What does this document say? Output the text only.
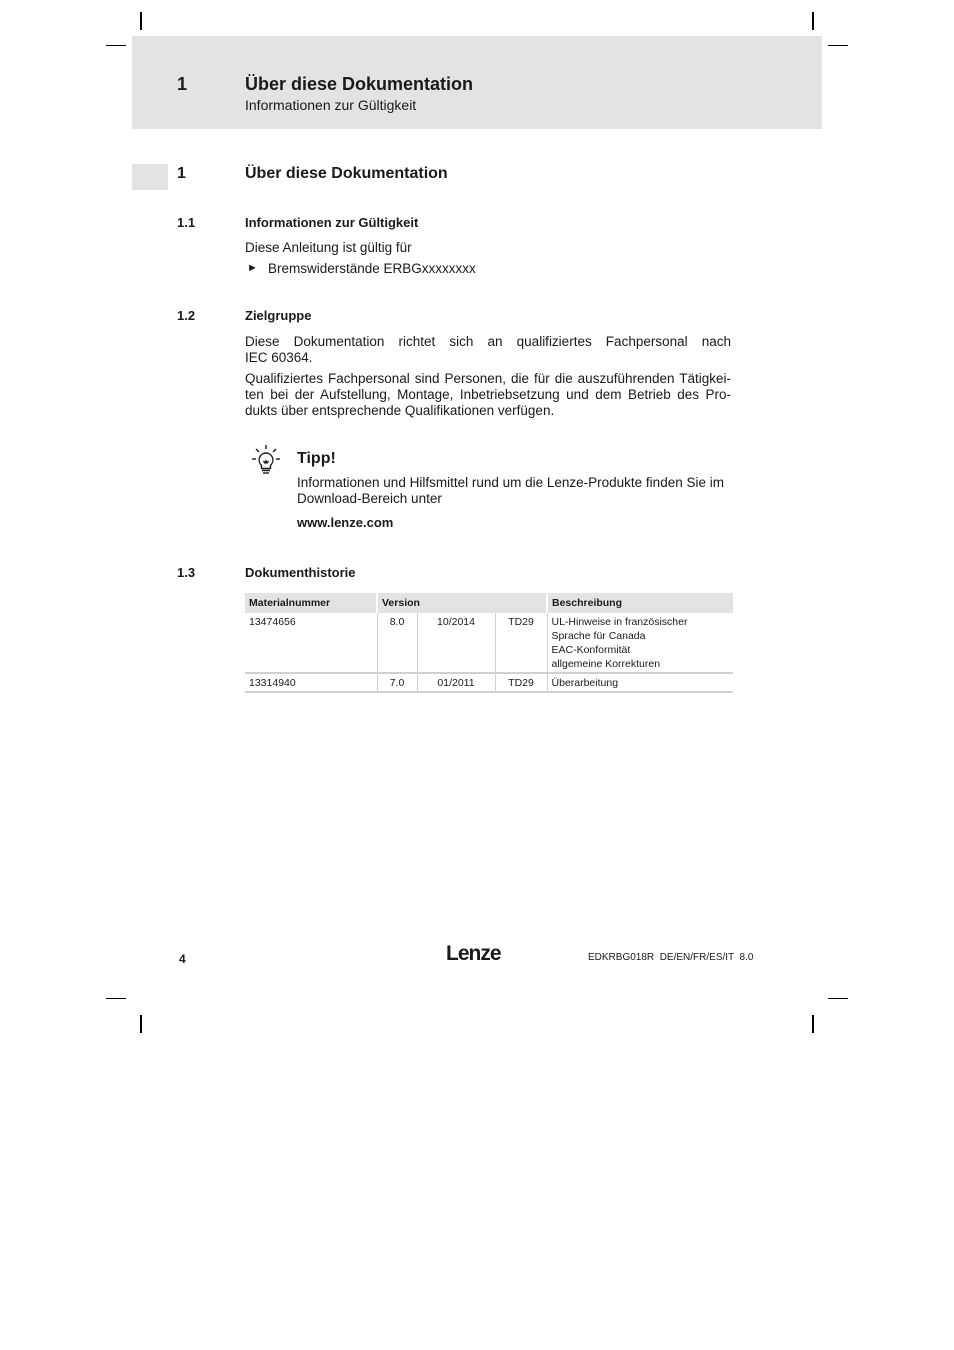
1	Über diese Dokumentation
Informationen zur Gültigkeit
1	Über diese Dokumentation
1.1	Informationen zur Gültigkeit
Diese Anleitung ist gültig für
► Bremswiderstände ERBGxxxxxxxx
1.2	Zielgruppe
Diese Dokumentation richtet sich an qualifiziertes Fachpersonal nach
IEC 60364.
Qualifiziertes Fachpersonal sind Personen, die für die auszuführenden Tätigkei-ten bei der Aufstellung, Montage, Inbetriebsetzung und dem Betrieb des Pro-dukts über entsprechende Qualifikationen verfügen.
Tipp!
Informationen und Hilfsmittel rund um die Lenze-Produkte finden Sie im Download-Bereich unter
www.lenze.com
1.3	Dokumenthistorie
Materialnummer	Version			Beschreibung
13474656	8.0	10/2014	TD29	UL-Hinweise in französischer
Sprache für Canada
EAC-Konformität
allgemeine Korrekturen

13314940	7.0	01/2011	TD29	Überarbeitung
4	Lenze	EDKRBG018R  DE/EN/FR/ES/IT  8.0
